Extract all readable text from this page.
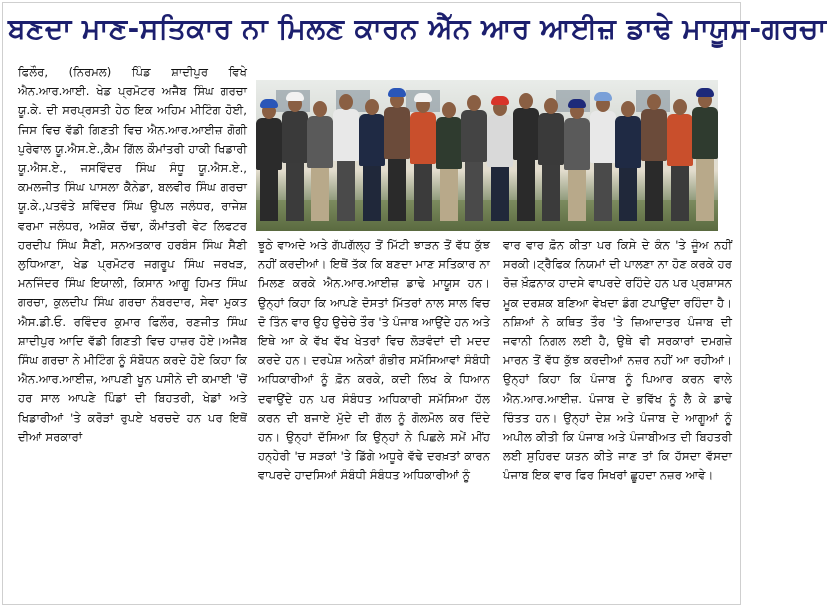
ਬਣਦਾ ਮਾਣ-ਸਤਿਕਾਰ ਨਾ ਮਿਲਣ ਕਾਰਨ ਐੱਨ ਆਰ ਆਈਜ਼ ਡਾਢੇ ਮਾਯੂਸ-ਗਰਚਾ

ਫਿਲੌਰ, (ਨਿਰਮਲ) ਪਿੰਡ ਸ਼ਾਦੀਪੁਰ ਵਿਖੇ ਐਨ.ਆਰ.ਆਈ. ਖੇਡ ਪ੍ਰਮੋਟਰ ਅਜੈਬ ਸਿੰਘ ਗਰਚਾ ਯੂ.ਕੇ. ਦੀ ਸਰਪ੍ਰਸਤੀ ਹੇਠ ਇਕ ਅਹਿਮ ਮੀਟਿੰਗ ਹੋਈ, ਜਿਸ ਵਿਚ ਵੱਡੀ ਗਿਣਤੀ ਵਿਚ ਐਨ.ਆਰ.ਆਈਜ਼ ਗੋਗੀ ਪੁਰੇਵਾਲ ਯੂ.ਐਸ.ਏ.,ਕੈਮ ਗਿੱਲ ਕੌਮਾਂਤਰੀ ਹਾਕੀ ਖਿਡਾਰੀ ਯੂ.ਐਸ.ਏ., ਜਸਵਿੰਦਰ ਸਿੰਘ ਸੰਧੂ ਯੂ.ਐਸ.ਏ., ਕਮਲਜੀਤ ਸਿੰਘ ਪਾਸਲਾ ਕੈਨੇਡਾ, ਬਲਵੀਰ ਸਿੰਘ ਗਰਚਾ ਯੂ.ਕੇ.,ਪਤਵੰਤੇ ਸ਼ਵਿੰਦਰ ਸਿੰਘ ਉਪਲ ਜਲੰਧਰ, ਰਾਜੇਸ਼ ਵਰਮਾ ਜਲੰਧਰ, ਅਸ਼ੋਕ ਚੱਢਾ, ਕੌਮਾਂਤਰੀ ਵੇਟ ਲਿਫਟਰ ਹਰਦੀਪ ਸਿੰਘ ਸੈਣੀ, ਸਨਅਤਕਾਰ ਹਰਬੰਸ ਸਿੰਘ ਸੈਣੀ ਲੁਧਿਆਣਾ, ਖੇਡ ਪ੍ਰਮੋਟਰ ਜਗਰੂਪ ਸਿੰਘ ਜਰਖੜ, ਮਨਜਿੰਦਰ ਸਿੰਘ ਇਯਾਲੀ, ਕਿਸਾਨ ਆਗੂ ਹਿਮਤ ਸਿੰਘ ਗਰਚਾ, ਕੁਲਦੀਪ ਸਿੰਘ ਗਰਚਾ ਨੰਬਰਦਾਰ, ਸੇਵਾ ਮੁਕਤ ਐਸ.ਡੀ.ਓ. ਰਵਿੰਦਰ ਕੁਮਾਰ ਫਿਲੌਰ, ਰਣਜੀਤ ਸਿੰਘ ਸ਼ਾਦੀਪੁਰ ਆਦਿ ਵੱਡੀ ਗਿਣਤੀ ਵਿਚ ਹਾਜ਼ਰ ਹੋਏ।ਅਜੈਬ ਸਿੰਘ ਗਰਚਾ ਨੇ ਮੀਟਿੰਗ ਨੂੰ ਸੰਬੋਧਨ ਕਰਦੇ ਹੋਏ ਕਿਹਾ ਕਿ ਐਨ.ਆਰ.ਆਈਜ਼, ਆਪਣੀ ਖੂਨ ਪਸੀਨੇ ਦੀ ਕਮਾਈ 'ਚੋਂ ਹਰ ਸਾਲ ਆਪਣੇ ਪਿੰਡਾਂ ਦੀ ਬਿਹਤਰੀ, ਖੇਡਾਂ ਅਤੇ ਖਿਡਾਰੀਆਂ 'ਤੇ ਕਰੋੜਾਂ ਰੁਪਏ ਖਰਚਦੇ ਹਨ ਪਰ ਇਥੋਂ ਦੀਆਂ ਸਰਕਾਰਾਂ

ਝੂਠੇ ਵਾਅਦੇ ਅਤੇ ਗੱਪਗੱਲ੍ਹ ਤੋਂ ਮਿੱਟੀ ਝਾੜਨ ਤੋਂ ਵੱਧ ਕੁੱਝ ਨਹੀਂ ਕਰਦੀਆਂ। ਇਥੋਂ ਤੱਕ ਕਿ ਬਣਦਾ ਮਾਣ ਸਤਿਕਾਰ ਨਾ ਮਿਲਣ ਕਰਕੇ ਐਨ.ਆਰ.ਆਈਜ਼ ਡਾਢੇ ਮਾਯੂਸ ਹਨ।ਉਨ੍ਹਾਂ ਕਿਹਾ ਕਿ ਆਪਣੇ ਦੋਸਤਾਂ ਮਿੱਤਰਾਂ ਨਾਲ ਸਾਲ ਵਿਚ ਦੋ ਤਿੰਨ ਵਾਰ ਉਹ ਉਚੇਚੇ ਤੌਰ 'ਤੇ ਪੰਜਾਬ ਆਉਂਦੇ ਹਨ ਅਤੇ ਇਥੇ ਆ ਕੇ ਵੱਖ ਵੱਖ ਖੇਤਰਾਂ ਵਿਚ ਲੋੜਵੰਦਾਂ ਦੀ ਮਦਦ ਕਰਦੇ ਹਨ। ਦਰਪੇਸ਼ ਅਨੇਕਾਂ ਗੰਭੀਰ ਸਮੱਸਿਆਵਾਂ ਸੰਬੰਧੀ ਅਧਿਕਾਰੀਆਂ ਨੂੰ ਫ਼ੋਨ ਕਰਕੇ, ਕਦੀ ਲਿਖ ਕੇ ਧਿਆਨ ਦਵਾਉਂਦੇ ਹਨ ਪਰ ਸੰਬੰਧਤ ਅਧਿਕਾਰੀ ਸਮੱਸਿਆ ਹੱਲ ਕਰਨ ਦੀ ਬਜਾਏ ਮੁੱਦੇ ਦੀ ਗੱਲ ਨੂੰ ਗੋਲਮੋਲ ਕਰ ਦਿੰਦੇ ਹਨ। ਉਨ੍ਹਾਂ ਦੱਸਿਆ ਕਿ ਉਨ੍ਹਾਂ ਨੇ ਪਿਛਲੇ ਸਮੇਂ ਮੀਂਹ ਹਨ੍ਹੇਰੀ 'ਚ ਸੜਕਾਂ 'ਤੇ ਡਿੱਗੇ ਅਧੂਰੇ ਵੱਢੇ ਦਰਖ਼ਤਾਂ ਕਾਰਨ ਵਾਪਰਦੇ ਹਾਦਸਿਆਂ ਸੰਬੰਧੀ ਸੰਬੰਧਤ ਅਧਿਕਾਰੀਆਂ ਨੂੰ

ਵਾਰ ਵਾਰ ਫ਼ੋਨ ਕੀਤਾ ਪਰ ਕਿਸੇ ਦੇ ਕੰਨ 'ਤੇ ਜੂੰਅ ਨਹੀਂ ਸਰਕੀ।ਟ੍ਰੈਫਿਕ ਨਿਯਮਾਂ ਦੀ ਪਾਲਣਾ ਨਾ ਹੋਣ ਕਰਕੇ ਹਰ ਰੋਜ਼ ਖ਼ੌਫ਼ਨਾਕ ਹਾਦਸੇ ਵਾਪਰਦੇ ਰਹਿੰਦੇ ਹਨ ਪਰ ਪ੍ਰਸ਼ਾਸਨ ਮੂਕ ਦਰਸ਼ਕ ਬਣਿਆ ਵੇਖਦਾ ਡੰਗ ਟਪਾਉਂਦਾ ਰਹਿੰਦਾ ਹੈ। ਨਸ਼ਿਆਂ ਨੇ ਕਥਿਤ ਤੌਰ 'ਤੇ ਜ਼ਿਆਦਾਤਰ ਪੰਜਾਬ ਦੀ ਜਵਾਨੀ ਨਿਗਲ ਲਈ ਹੈ, ਉਥੇ ਵੀ ਸਰਕਾਰਾਂ ਦਮਗਜ਼ੇ ਮਾਰਨ ਤੋਂ ਵੱਧ ਕੁੱਝ ਕਰਦੀਆਂ ਨਜ਼ਰ ਨਹੀਂ ਆ ਰਹੀਆਂ। ਉਨ੍ਹਾਂ ਕਿਹਾ ਕਿ ਪੰਜਾਬ ਨੂੰ ਪਿਆਰ ਕਰਨ ਵਾਲੇ ਐਨ.ਆਰ.ਆਈਜ਼. ਪੰਜਾਬ ਦੇ ਭਵਿੱਖ ਨੂੰ ਲੈ ਕੇ ਡਾਢੇ ਚਿੰਤਤ ਹਨ। ਉਨ੍ਹਾਂ ਦੇਸ਼ ਅਤੇ ਪੰਜਾਬ ਦੇ ਆਗੂਆਂ ਨੂੰ ਅਪੀਲ ਕੀਤੀ ਕਿ ਪੰਜਾਬ ਅਤੇ ਪੰਜਾਬੀਅਤ ਦੀ ਬਿਹਤਰੀ ਲਈ ਸੁਹਿਰਦ ਯਤਨ ਕੀਤੇ ਜਾਣ ਤਾਂ ਕਿ ਹੱਸਦਾ ਵੱਸਦਾ ਪੰਜਾਬ ਇਕ ਵਾਰ ਫਿਰ ਸਿਖਰਾਂ ਛੂਹਦਾ ਨਜ਼ਰ ਆਵੇ।
